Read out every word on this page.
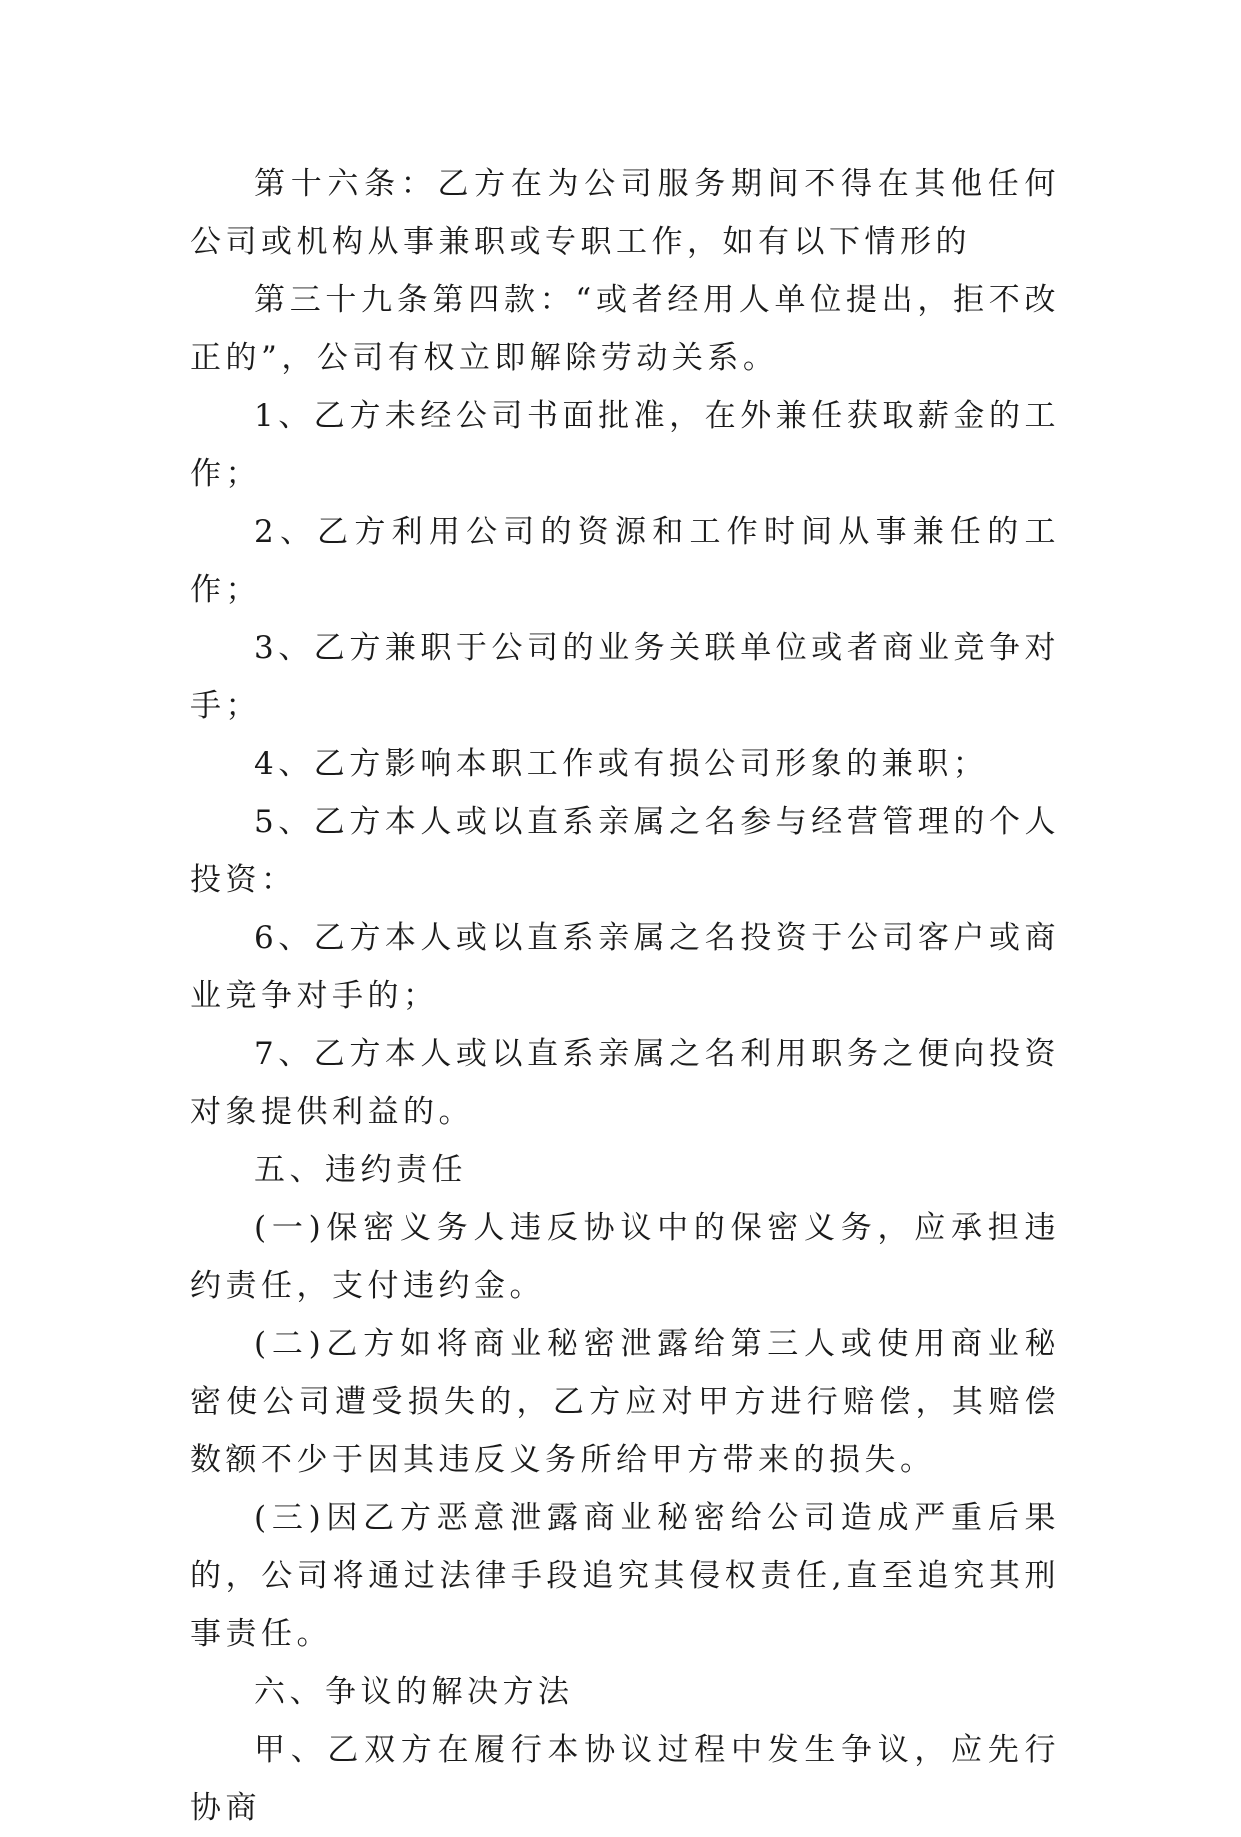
第十六条：乙方在为公司服务期间不得在其他任何公司或机构从事兼职或专职工作，如有以下情形的

第三十九条第四款：“或者经用人单位提出，拒不改正的”，公司有权立即解除劳动关系。

1、乙方未经公司书面批准，在外兼任获取薪金的工作；

2、乙方利用公司的资源和工作时间从事兼任的工作；

3、乙方兼职于公司的业务关联单位或者商业竞争对手；

4、乙方影响本职工作或有损公司形象的兼职；

5、乙方本人或以直系亲属之名参与经营管理的个人投资：

6、乙方本人或以直系亲属之名投资于公司客户或商业竞争对手的；

7、乙方本人或以直系亲属之名利用职务之便向投资对象提供利益的。

五、违约责任

(一)保密义务人违反协议中的保密义务，应承担违约责任，支付违约金。

(二)乙方如将商业秘密泄露给第三人或使用商业秘密使公司遭受损失的，乙方应对甲方进行赔偿，其赔偿数额不少于因其违反义务所给甲方带来的损失。

(三)因乙方恶意泄露商业秘密给公司造成严重后果的，公司将通过法律手段追究其侵权责任,直至追究其刑事责任。

六、争议的解决方法

甲、乙双方在履行本协议过程中发生争议，应先行协商
